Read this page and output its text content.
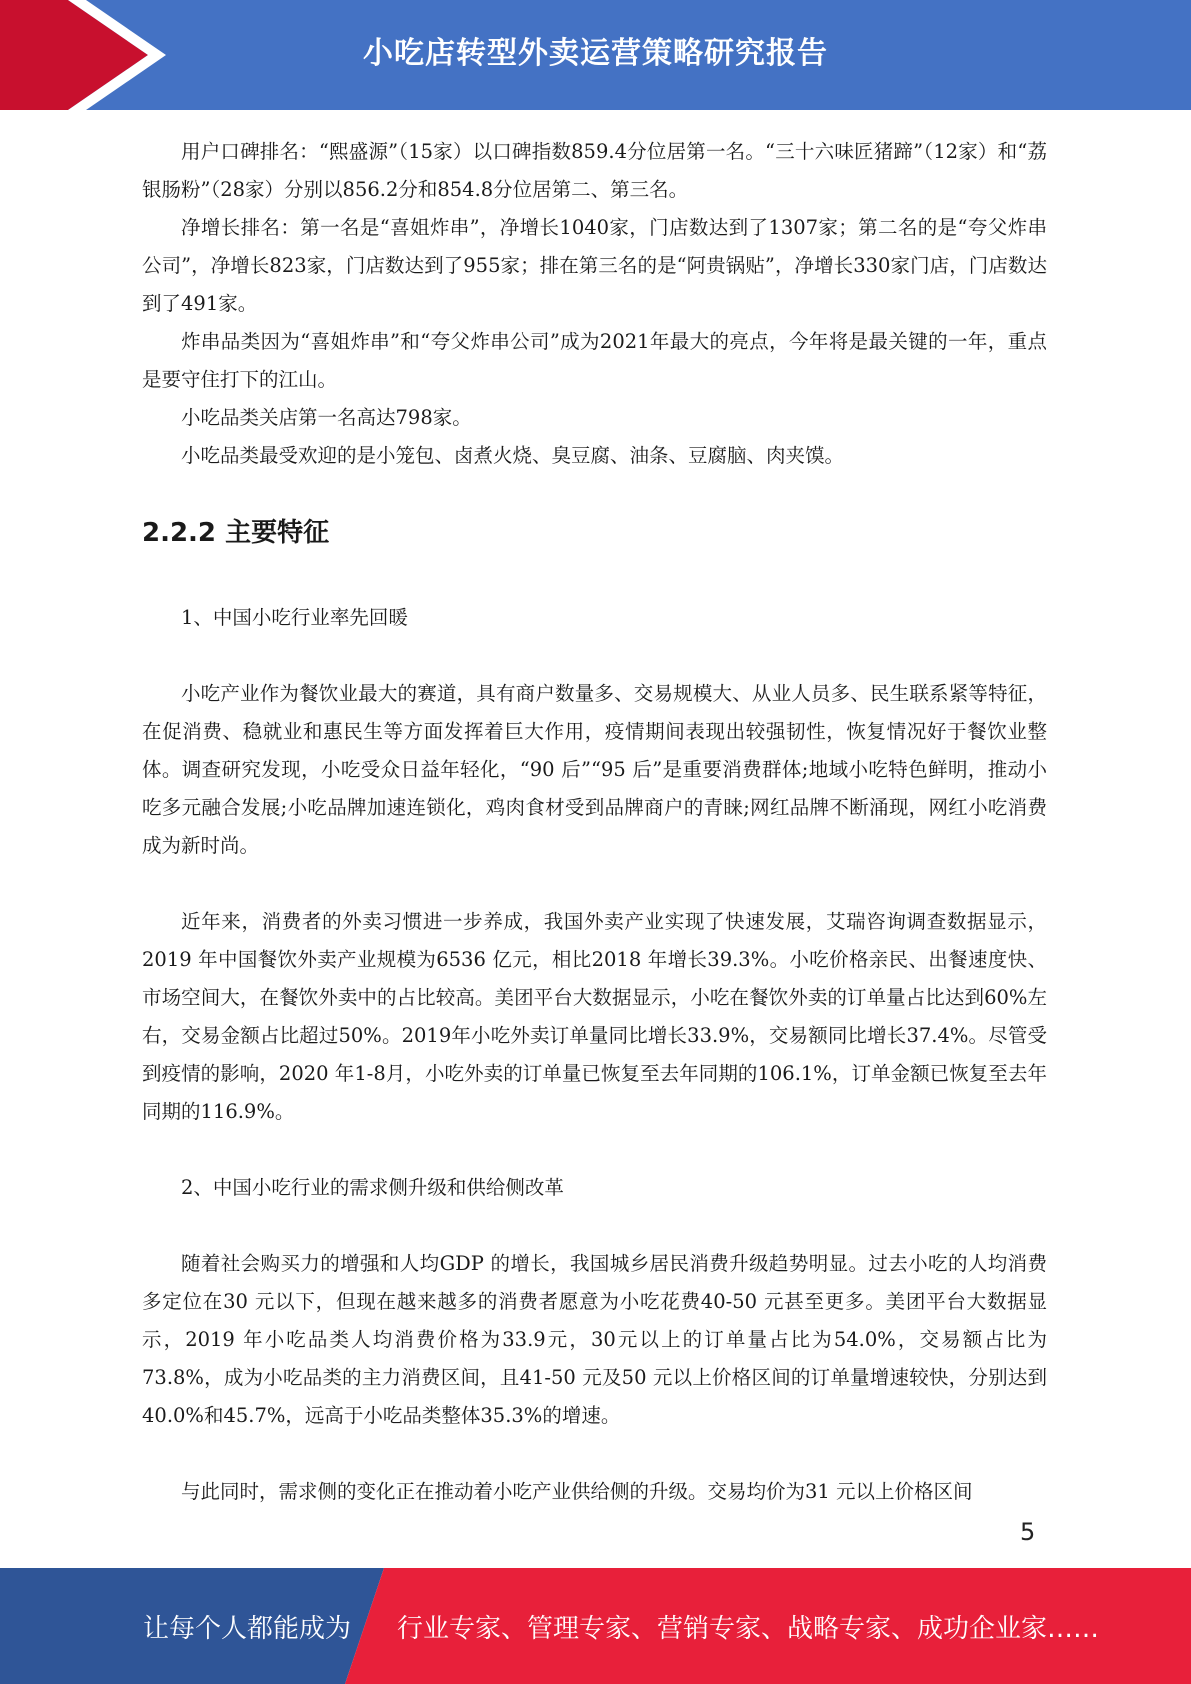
小吃店转型外卖运营策略研究报告

用户口碑排名：“熙盛源”（15家）以口碑指数859.4分位居第一名。“三十六味匠猪蹄”（12家）和“荔银肠粉”（28家）分别以856.2分和854.8分位居第二、第三名。

净增长排名：第一名是“喜姐炸串”，净增长1040家，门店数达到了1307家；第二名的是“夸父炸串公司”，净增长823家，门店数达到了955家；排在第三名的是“阿贵锅贴”，净增长330家门店，门店数达到了491家。

炸串品类因为“喜姐炸串”和“夸父炸串公司”成为2021年最大的亮点，今年将是最关键的一年，重点是要守住打下的江山。

小吃品类关店第一名高达798家。

小吃品类最受欢迎的是小笼包、卤煮火烧、臭豆腐、油条、豆腐脑、肉夹馍。

2.2.2 主要特征

1、中国小吃行业率先回暖

小吃产业作为餐饮业最大的赛道，具有商户数量多、交易规模大、从业人员多、民生联系紧等特征，在促消费、稳就业和惠民生等方面发挥着巨大作用，疫情期间表现出较强韧性，恢复情况好于餐饮业整体。调查研究发现，小吃受众日益年轻化，“90 后”“95 后”是重要消费群体;地域小吃特色鲜明，推动小吃多元融合发展;小吃品牌加速连锁化，鸡肉食材受到品牌商户的青睐;网红品牌不断涌现，网红小吃消费成为新时尚。

近年来，消费者的外卖习惯进一步养成，我国外卖产业实现了快速发展，艾瑞咨询调查数据显示，2019 年中国餐饮外卖产业规模为6536 亿元，相比2018 年增长39.3%。小吃价格亲民、出餐速度快、市场空间大，在餐饮外卖中的占比较高。美团平台大数据显示，小吃在餐饮外卖的订单量占比达到60%左右，交易金额占比超过50%。2019年小吃外卖订单量同比增长33.9%，交易额同比增长37.4%。尽管受到疫情的影响，2020 年1-8月，小吃外卖的订单量已恢复至去年同期的106.1%，订单金额已恢复至去年同期的116.9%。

2、中国小吃行业的需求侧升级和供给侧改革

随着社会购买力的增强和人均GDP 的增长，我国城乡居民消费升级趋势明显。过去小吃的人均消费多定位在30 元以下，但现在越来越多的消费者愿意为小吃花费40-50 元甚至更多。美团平台大数据显示，2019 年小吃品类人均消费价格为33.9元，30元以上的订单量占比为54.0%，交易额占比为73.8%，成为小吃品类的主力消费区间，且41-50 元及50 元以上价格区间的订单量增速较快，分别达到40.0%和45.7%，远高于小吃品类整体35.3%的增速。

与此同时，需求侧的变化正在推动着小吃产业供给侧的升级。交易均价为31 元以上价格区间

5
让每个人都能成为 行业专家、管理专家、营销专家、战略专家、成功企业家……
